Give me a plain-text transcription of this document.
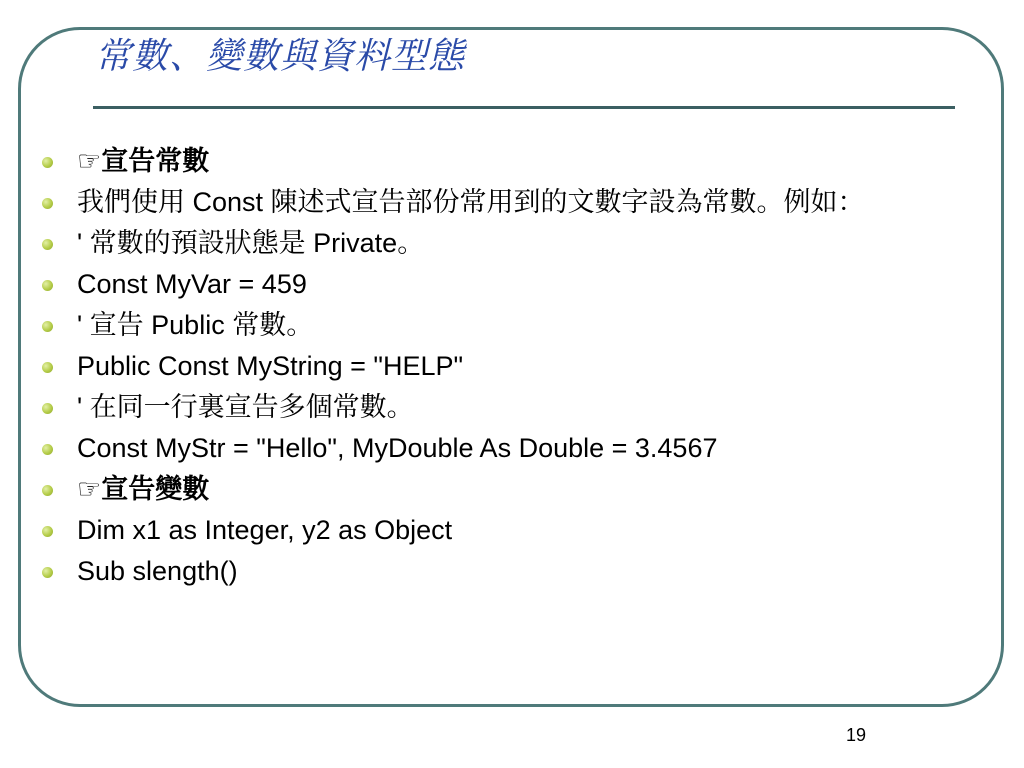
常數、變數與資料型態
☞宣告常數
我們使用 Const 陳述式宣告部份常用到的文數字設為常數。例如：
' 常數的預設狀態是 Private。
Const MyVar = 459
' 宣告 Public 常數。
Public Const MyString = "HELP"
' 在同一行裏宣告多個常數。
Const MyStr = "Hello", MyDouble As Double = 3.4567
☞宣告變數
Dim x1 as Integer, y2 as Object
Sub slength()
19
